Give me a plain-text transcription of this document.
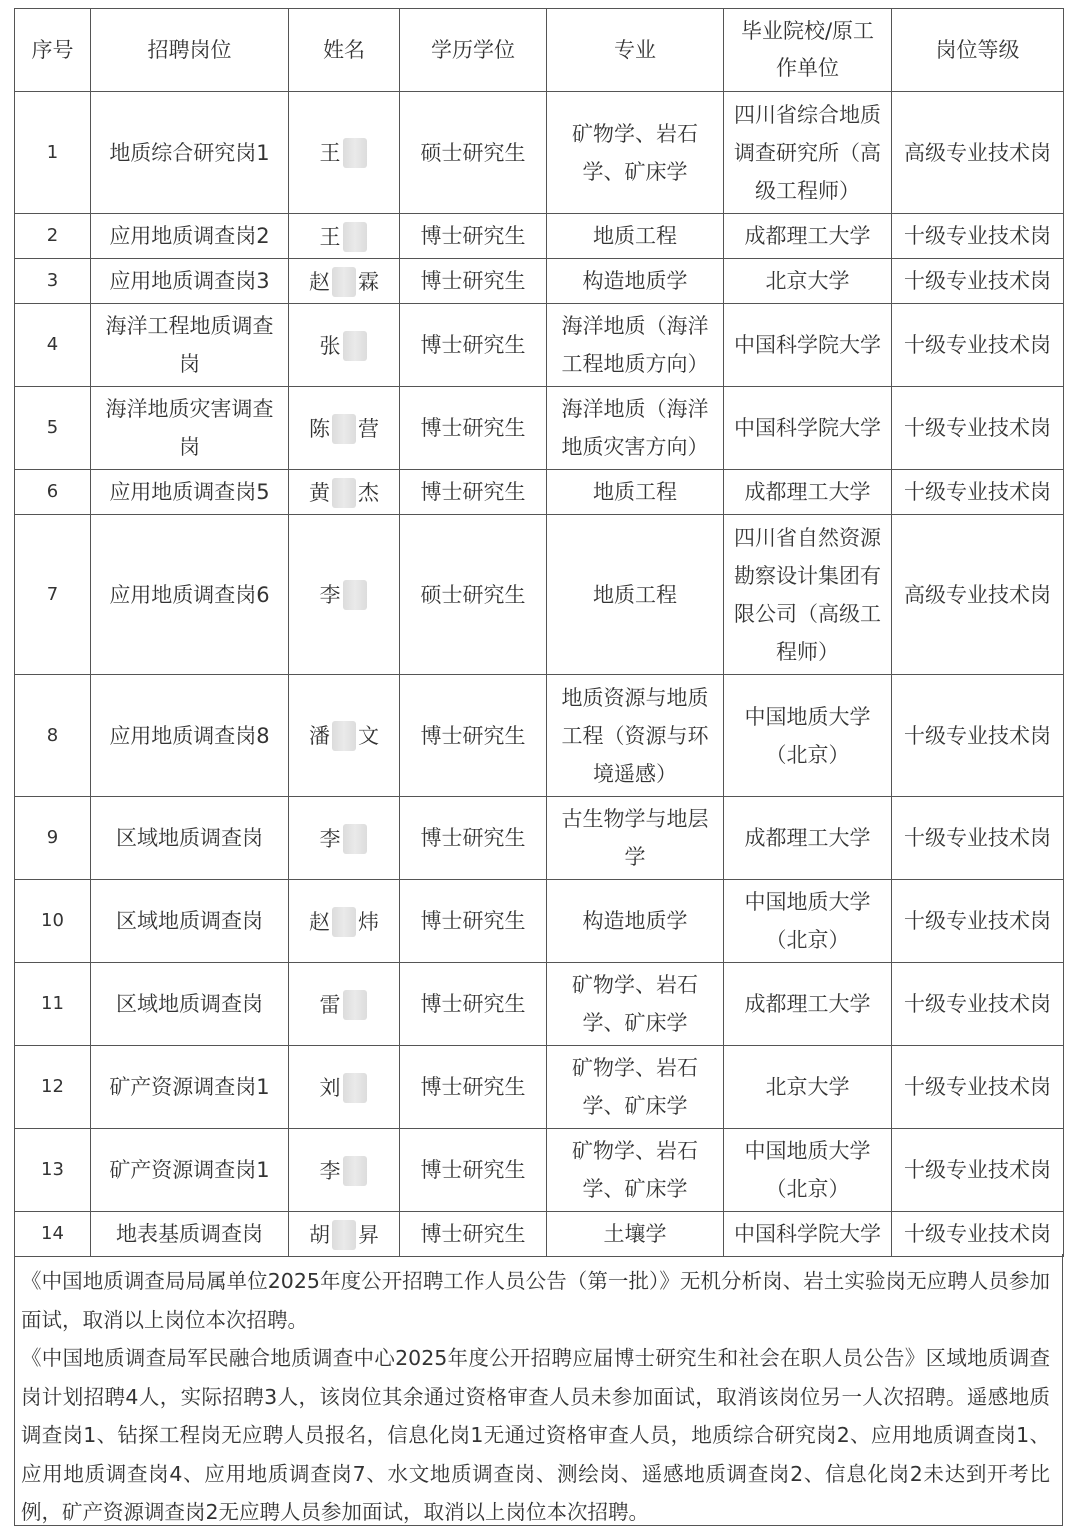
序号	招聘岗位	姓名	学历学位	专业	毕业院校/原工作单位	岗位等级
1	地质综合研究岗1	王	硕士研究生	矿物学、岩石学、矿床学	四川省综合地质调查研究所（高级工程师）	高级专业技术岗
2	应用地质调查岗2	王	博士研究生	地质工程	成都理工大学	十级专业技术岗
3	应用地质调查岗3	赵 霖	博士研究生	构造地质学	北京大学	十级专业技术岗
4	海洋工程地质调查岗	张	博士研究生	海洋地质（海洋工程地质方向）	中国科学院大学	十级专业技术岗
5	海洋地质灾害调查岗	陈 营	博士研究生	海洋地质（海洋地质灾害方向）	中国科学院大学	十级专业技术岗
6	应用地质调查岗5	黄 杰	博士研究生	地质工程	成都理工大学	十级专业技术岗
7	应用地质调查岗6	李	硕士研究生	地质工程	四川省自然资源勘察设计集团有限公司（高级工程师）	高级专业技术岗
8	应用地质调查岗8	潘 文	博士研究生	地质资源与地质工程（资源与环境遥感）	中国地质大学（北京）	十级专业技术岗
9	区域地质调查岗	李	博士研究生	古生物学与地层学	成都理工大学	十级专业技术岗
10	区域地质调查岗	赵 炜	博士研究生	构造地质学	中国地质大学（北京）	十级专业技术岗
11	区域地质调查岗	雷	博士研究生	矿物学、岩石学、矿床学	成都理工大学	十级专业技术岗
12	矿产资源调查岗1	刘	博士研究生	矿物学、岩石学、矿床学	北京大学	十级专业技术岗
13	矿产资源调查岗1	李	博士研究生	矿物学、岩石学、矿床学	中国地质大学（北京）	十级专业技术岗
14	地表基质调查岗	胡 昇	博士研究生	土壤学	中国科学院大学	十级专业技术岗

《中国地质调查局局属单位2025年度公开招聘工作人员公告（第一批）》无机分析岗、岩土实验岗无应聘人员参加面试，取消以上岗位本次招聘。

《中国地质调查局军民融合地质调查中心2025年度公开招聘应届博士研究生和社会在职人员公告》区域地质调查岗计划招聘4人，实际招聘3人，该岗位其余通过资格审查人员未参加面试，取消该岗位另一人次招聘。遥感地质调查岗1、钻探工程岗无应聘人员报名，信息化岗1无通过资格审查人员，地质综合研究岗2、应用地质调查岗1、应用地质调查岗4、应用地质调查岗7、水文地质调查岗、测绘岗、遥感地质调查岗2、信息化岗2未达到开考比例，矿产资源调查岗2无应聘人员参加面试，取消以上岗位本次招聘。
